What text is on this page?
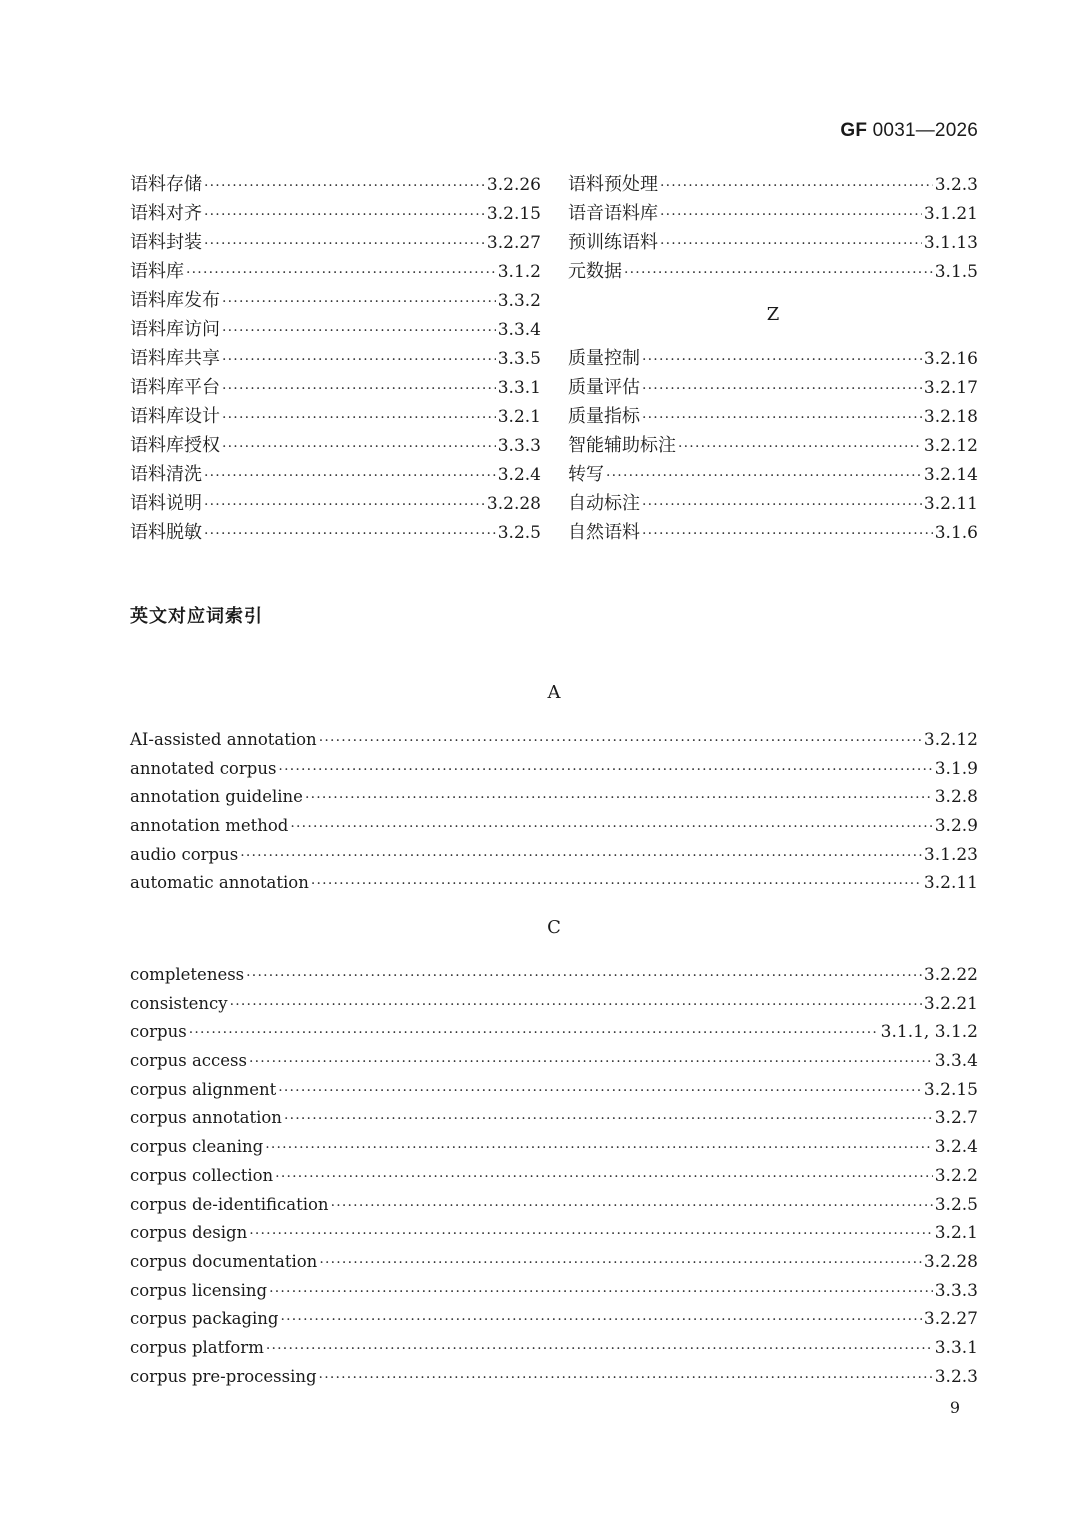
GF 0031—2026
语料存储 ·····	3.2.26
语料对齐 ·····	3.2.15
语料封装 ·····	3.2.27
语料库 ·····	3.1.2
语料库发布 ·····	3.3.2
语料库访问 ·····	3.3.4
语料库共享 ·····	3.3.5
语料库平台 ·····	3.3.1
语料库设计 ·····	3.2.1
语料库授权 ·····	3.3.3
语料清洗 ·····	3.2.4
语料说明 ·····	3.2.28
语料脱敏 ·····	3.2.5
语料预处理 ·····	3.2.3
语音语料库 ·····	3.1.21
预训练语料 ·····	3.1.13
元数据 ·····	3.1.5
Z
质量控制 ·····	3.2.16
质量评估 ·····	3.2.17
质量指标 ·····	3.2.18
智能辅助标注 ·····	3.2.12
转写 ·····	3.2.14
自动标注 ·····	3.2.11
自然语料 ·····	3.1.6
英文对应词索引
A
AI-assisted annotation ·····	3.2.12
annotated corpus ·····	3.1.9
annotation guideline ·····	3.2.8
annotation method ·····	3.2.9
audio corpus ·····	3.1.23
automatic annotation ·····	3.2.11
C
completeness ·····	3.2.22
consistency ·····	3.2.21
corpus ·····	3.1.1, 3.1.2
corpus access ·····	3.3.4
corpus alignment ·····	3.2.15
corpus annotation ·····	3.2.7
corpus cleaning ·····	3.2.4
corpus collection ·····	3.2.2
corpus de-identification ·····	3.2.5
corpus design ·····	3.2.1
corpus documentation ·····	3.2.28
corpus licensing ·····	3.3.3
corpus packaging ·····	3.2.27
corpus platform ·····	3.3.1
corpus pre-processing ·····	3.2.3
9
